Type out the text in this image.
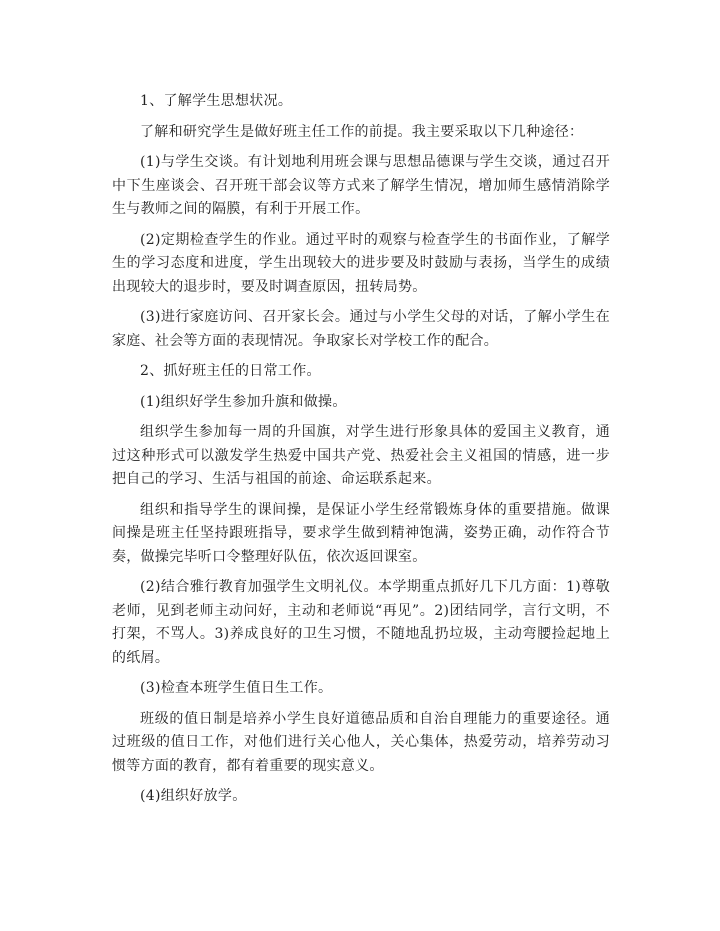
1、了解学生思想状况。

了解和研究学生是做好班主任工作的前提。我主要采取以下几种途径：

(1)与学生交谈。有计划地利用班会课与思想品德课与学生交谈，通过召开中下生座谈会、召开班干部会议等方式来了解学生情况，增加师生感情消除学生与教师之间的隔膜，有利于开展工作。

(2)定期检查学生的作业。通过平时的观察与检查学生的书面作业，了解学生的学习态度和进度，学生出现较大的进步要及时鼓励与表扬，当学生的成绩出现较大的退步时，要及时调查原因，扭转局势。

(3)进行家庭访问、召开家长会。通过与小学生父母的对话，了解小学生在家庭、社会等方面的表现情况。争取家长对学校工作的配合。

2、抓好班主任的日常工作。

(1)组织好学生参加升旗和做操。

组织学生参加每一周的升国旗，对学生进行形象具体的爱国主义教育，通过这种形式可以激发学生热爱中国共产党、热爱社会主义祖国的情感，进一步把自己的学习、生活与祖国的前途、命运联系起来。

组织和指导学生的课间操，是保证小学生经常锻炼身体的重要措施。做课间操是班主任坚持跟班指导，要求学生做到精神饱满，姿势正确，动作符合节奏，做操完毕听口令整理好队伍，依次返回课室。

(2)结合雅行教育加强学生文明礼仪。本学期重点抓好几下几方面：1)尊敬老师，见到老师主动问好，主动和老师说“再见”。2)团结同学，言行文明，不打架，不骂人。3)养成良好的卫生习惯，不随地乱扔垃圾，主动弯腰捡起地上的纸屑。

(3)检查本班学生值日生工作。

班级的值日制是培养小学生良好道德品质和自治自理能力的重要途径。通过班级的值日工作，对他们进行关心他人，关心集体，热爱劳动，培养劳动习惯等方面的教育，都有着重要的现实意义。

(4)组织好放学。
